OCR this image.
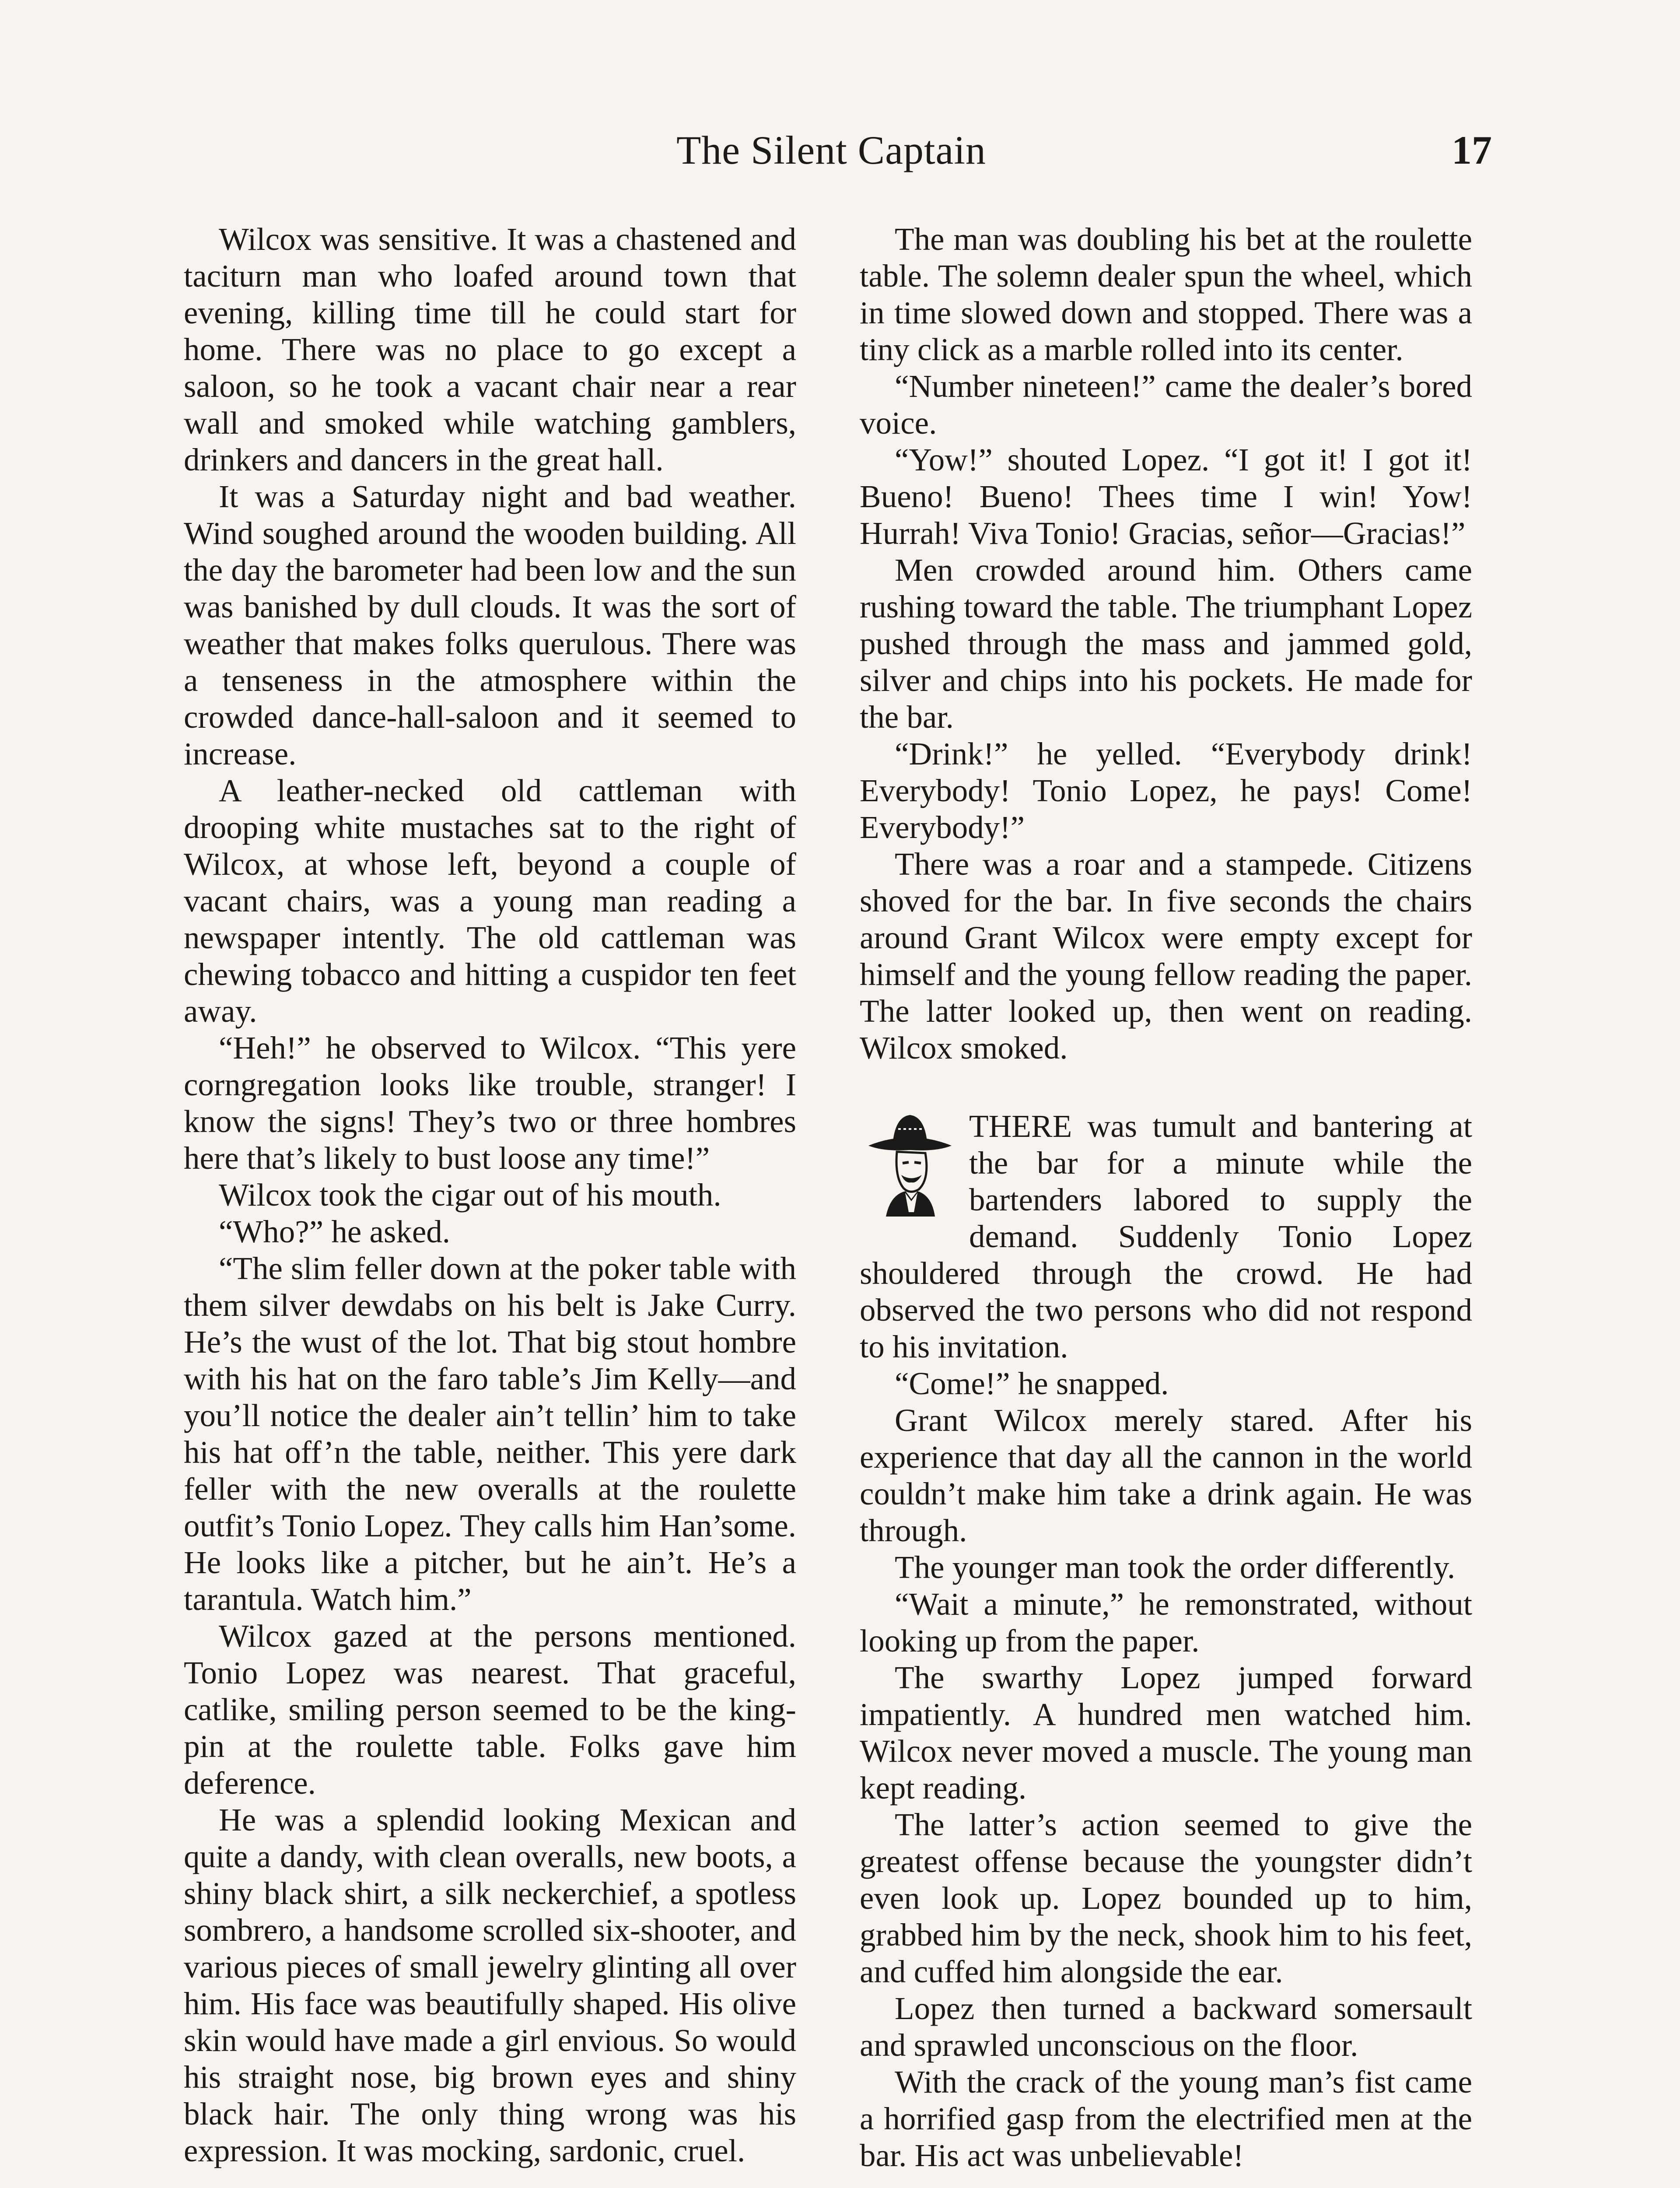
The Silent Captain	17

Wilcox was sensitive. It was a chastened and taciturn man who loafed around town that evening, killing time till he could start for home. There was no place to go except a saloon, so he took a vacant chair near a rear wall and smoked while watching gamblers, drinkers and dancers in the great hall.

It was a Saturday night and bad weather. Wind soughed around the wooden building. All the day the barometer had been low and the sun was banished by dull clouds. It was the sort of weather that makes folks querulous. There was a tenseness in the atmosphere within the crowded dance-hall-saloon and it seemed to increase.

A leather-necked old cattleman with drooping white mustaches sat to the right of Wilcox, at whose left, beyond a couple of vacant chairs, was a young man reading a newspaper intently. The old cattleman was chewing tobacco and hitting a cuspidor ten feet away.

“Heh!” he observed to Wilcox. “This yere corngregation looks like trouble, stranger! I know the signs! They’s two or three hombres here that’s likely to bust loose any time!”

Wilcox took the cigar out of his mouth.

“Who?” he asked.

“The slim feller down at the poker table with them silver dewdabs on his belt is Jake Curry. He’s the wust of the lot. That big stout hombre with his hat on the faro table’s Jim Kelly—and you’ll notice the dealer ain’t tellin’ him to take his hat off’n the table, neither. This yere dark feller with the new overalls at the roulette outfit’s Tonio Lopez. They calls him Han’some. He looks like a pitcher, but he ain’t. He’s a tarantula. Watch him.”

Wilcox gazed at the persons mentioned. Tonio Lopez was nearest. That graceful, catlike, smiling person seemed to be the king-pin at the roulette table. Folks gave him deference.

He was a splendid looking Mexican and quite a dandy, with clean overalls, new boots, a shiny black shirt, a silk neckerchief, a spotless sombrero, a handsome scrolled six-shooter, and various pieces of small jewelry glinting all over him. His face was beautifully shaped. His olive skin would have made a girl envious. So would his straight nose, big brown eyes and shiny black hair. The only thing wrong was his expression. It was mocking, sardonic, cruel.

The man was doubling his bet at the roulette table. The solemn dealer spun the wheel, which in time slowed down and stopped. There was a tiny click as a marble rolled into its center.

“Number nineteen!” came the dealer’s bored voice.

“Yow!” shouted Lopez. “I got it! I got it! Bueno! Bueno! Thees time I win! Yow! Hurrah! Viva Tonio! Gracias, señor—Gracias!”

Men crowded around him. Others came rushing toward the table. The triumphant Lopez pushed through the mass and jammed gold, silver and chips into his pockets. He made for the bar.

“Drink!” he yelled. “Everybody drink! Everybody! Tonio Lopez, he pays! Come! Everybody!”

There was a roar and a stampede. Citizens shoved for the bar. In five seconds the chairs around Grant Wilcox were empty except for himself and the young fellow reading the paper. The latter looked up, then went on reading. Wilcox smoked.

THERE was tumult and bantering at the bar for a minute while the bartenders labored to supply the demand. Suddenly Tonio Lopez shouldered through the crowd. He had observed the two persons who did not respond to his invitation.

“Come!” he snapped.

Grant Wilcox merely stared. After his experience that day all the cannon in the world couldn’t make him take a drink again. He was through.

The younger man took the order differently.

“Wait a minute,” he remonstrated, without looking up from the paper.

The swarthy Lopez jumped forward impatiently. A hundred men watched him. Wilcox never moved a muscle. The young man kept reading.

The latter’s action seemed to give the greatest offense because the youngster didn’t even look up. Lopez bounded up to him, grabbed him by the neck, shook him to his feet, and cuffed him alongside the ear.

Lopez then turned a backward somersault and sprawled unconscious on the floor.

With the crack of the young man’s fist came a horrified gasp from the electrified men at the bar. His act was unbelievable!
